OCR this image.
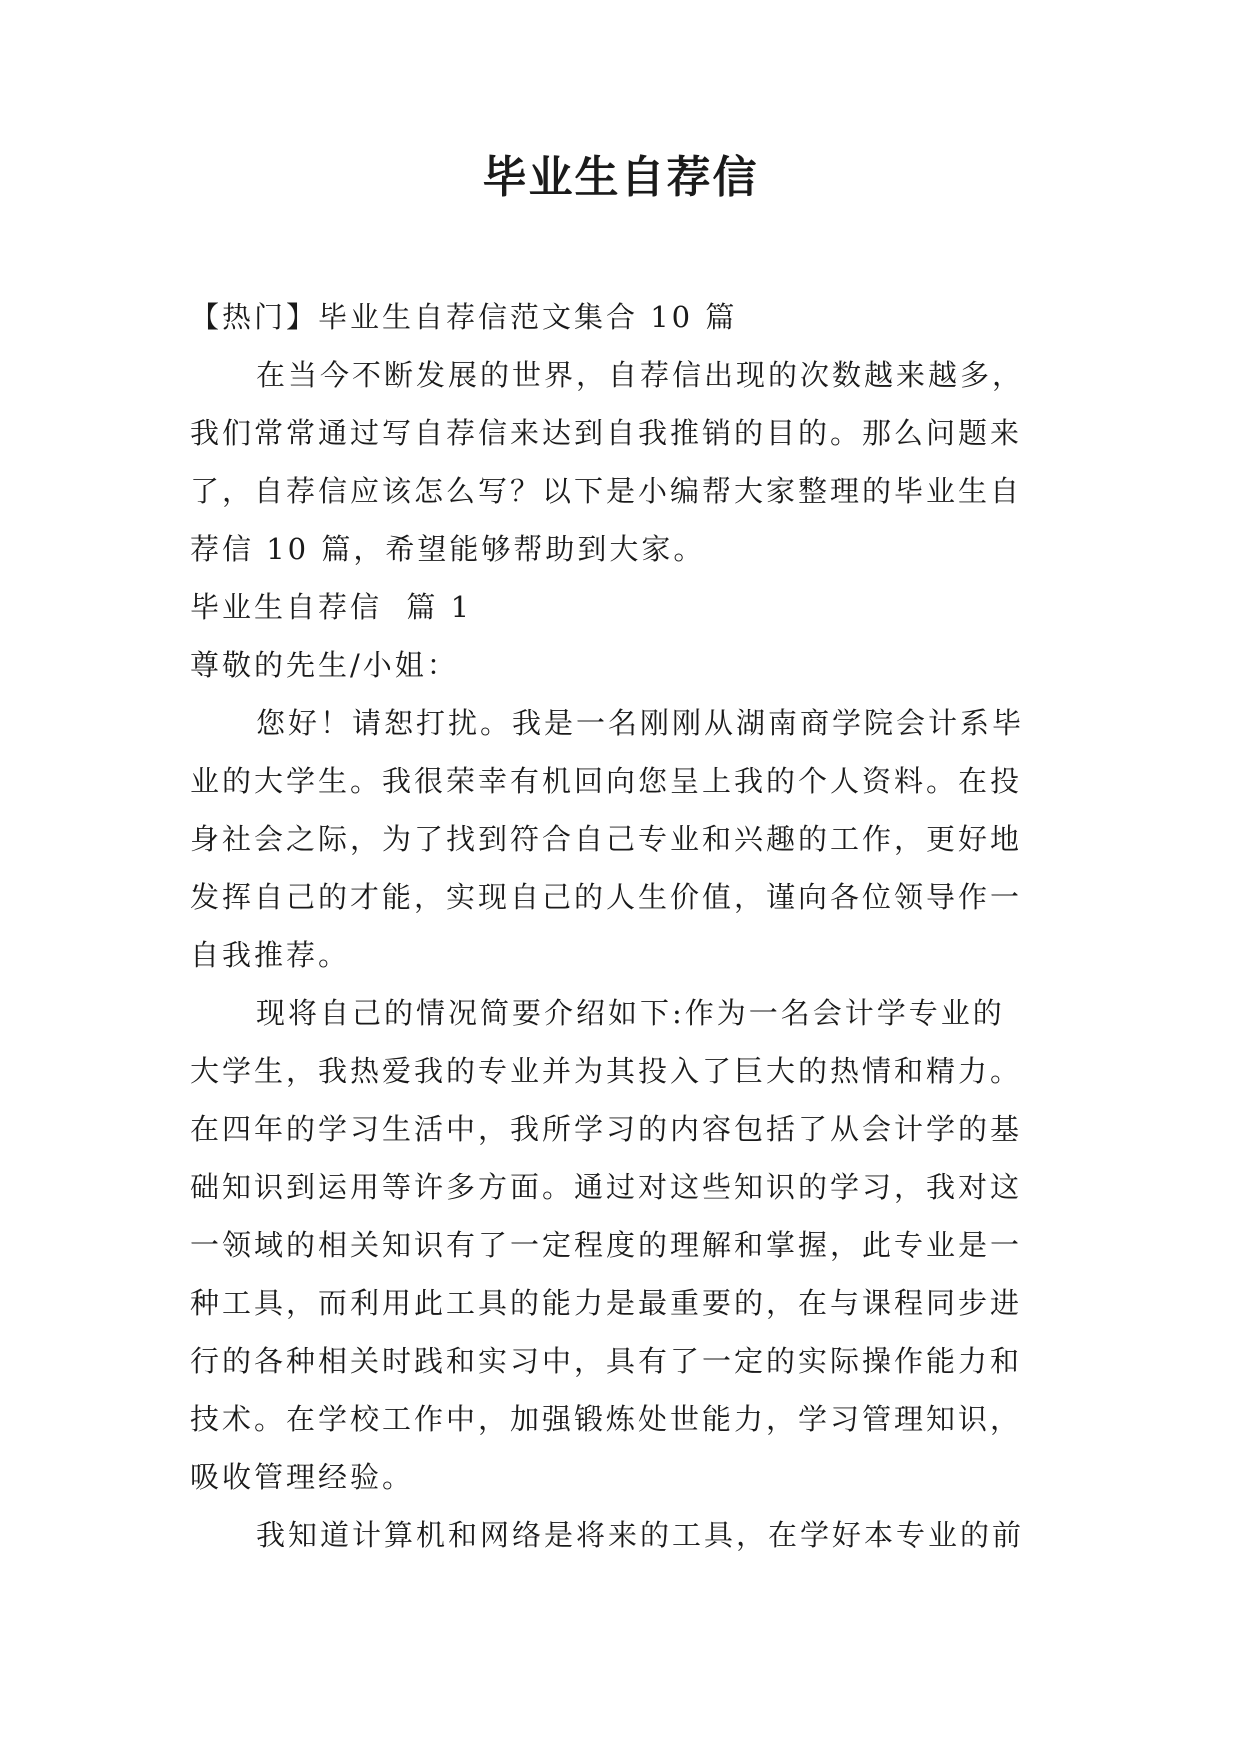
毕业生自荐信
【热门】毕业生自荐信范文集合 10 篇
在当今不断发展的世界，自荐信出现的次数越来越多，
我们常常通过写自荐信来达到自我推销的目的。那么问题来
了，自荐信应该怎么写？以下是小编帮大家整理的毕业生自
荐信 10 篇，希望能够帮助到大家。
毕业生自荐信  篇 1
尊敬的先生/小姐：
您好！请恕打扰。我是一名刚刚从湖南商学院会计系毕
业的大学生。我很荣幸有机回向您呈上我的个人资料。在投
身社会之际，为了找到符合自己专业和兴趣的工作，更好地
发挥自己的才能，实现自己的人生价值，谨向各位领导作一
自我推荐。
现将自己的情况简要介绍如下:作为一名会计学专业的
大学生，我热爱我的专业并为其投入了巨大的热情和精力。
在四年的学习生活中，我所学习的内容包括了从会计学的基
础知识到运用等许多方面。通过对这些知识的学习，我对这
一领域的相关知识有了一定程度的理解和掌握，此专业是一
种工具，而利用此工具的能力是最重要的，在与课程同步进
行的各种相关时践和实习中，具有了一定的实际操作能力和
技术。在学校工作中，加强锻炼处世能力，学习管理知识，
吸收管理经验。
我知道计算机和网络是将来的工具，在学好本专业的前
